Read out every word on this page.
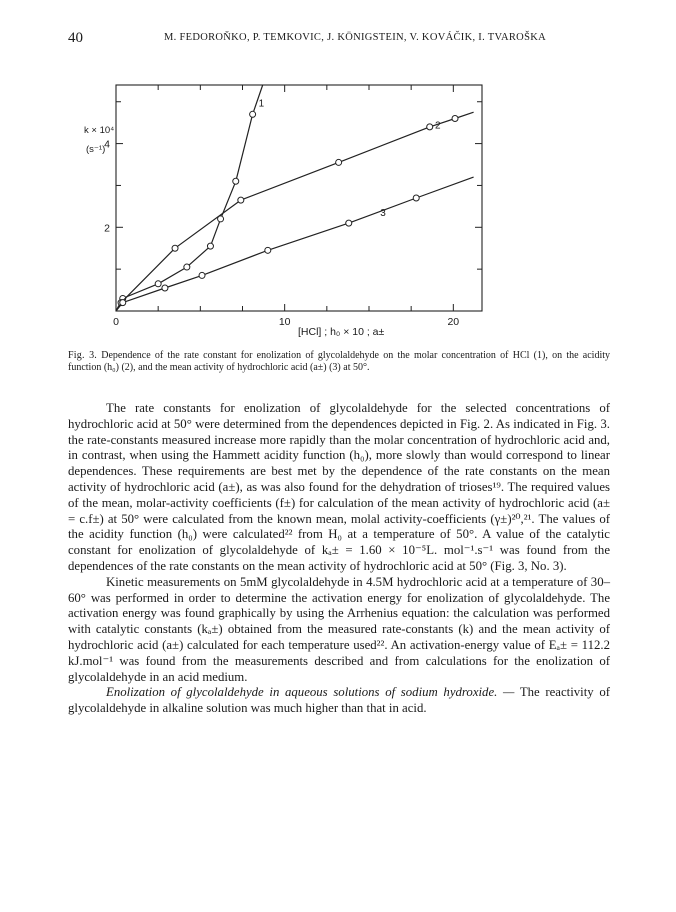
40	M. FEDOROŇKO, P. TEMKOVIC, J. KÖNIGSTEIN, V. KOVÁČIK, I. TVAROŠKA
0	10	20
2
4
1
2
3
k × 10⁴
(s⁻¹)
[HCl] ; h₀ × 10 ; a±
Fig. 3. Dependence of the rate constant for enolization of glycolaldehyde on the molar concentration of HCl (1), on the acidity function (h₀) (2), and the mean activity of hydrochloric acid (a±) (3) at 50°.

The rate constants for enolization of glycolaldehyde for the selected concentrations of hydrochloric acid at 50° were determined from the dependences depicted in Fig. 2. As indicated in Fig. 3. the rate-constants measured increase more rapidly than the molar concentration of hydrochloric acid and, in contrast, when using the Hammett acidity function (h₀), more slowly than would correspond to linear dependences. These requirements are best met by the dependence of the rate constants on the mean activity of hydrochloric acid (a±), as was also found for the dehydration of trioses¹⁹. The required values of the mean, molar-activity coefficients (f±) for calculation of the mean activity of hydrochloric acid (a± = c.f±) at 50° were calculated from the known mean, molal activity-coefficients (γ±)²⁰,²¹. The values of the acidity function (h₀) were calculated²² from H₀ at a temperature of 50°. A value of the catalytic constant for enolization of glycolaldehyde of kₐ± = 1.60 × 10⁻⁵L. mol⁻¹.s⁻¹ was found from the dependences of the rate constants on the mean activity of hydrochloric acid at 50° (Fig. 3, No. 3).

Kinetic measurements on 5mM glycolaldehyde in 4.5M hydrochloric acid at a temperature of 30–60° was performed in order to determine the activation energy for enolization of glycolaldehyde. The activation energy was found graphically by using the Arrhenius equation: the calculation was performed with catalytic constants (kₐ±) obtained from the measured rate-constants (k) and the mean activity of hydrochloric acid (a±) calculated for each temperature used²². An activation-energy value of Eₐ± = 112.2 kJ.mol⁻¹ was found from the measurements described and from calculations for the enolization of glycolaldehyde in an acid medium.

Enolization of glycolaldehyde in aqueous solutions of sodium hydroxide. — The reactivity of glycolaldehyde in alkaline solution was much higher than that in acid.
